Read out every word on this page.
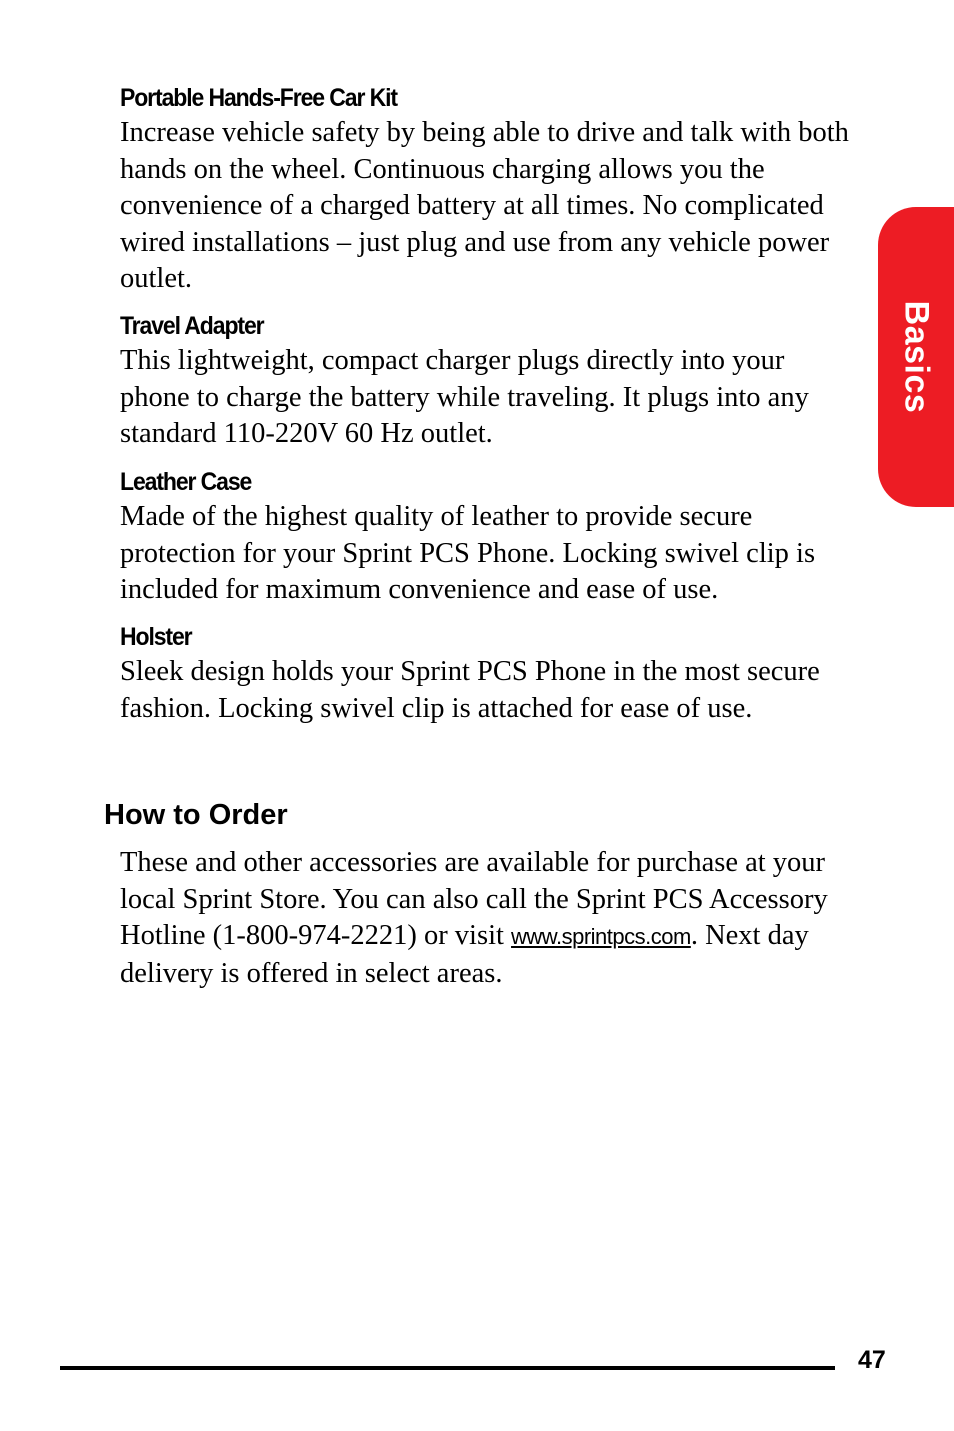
Portable Hands-Free Car Kit
Increase vehicle safety by being able to drive and talk with both hands on the wheel. Continuous charging allows you the convenience of a charged battery at all times. No complicated wired installations – just plug and use from any vehicle power outlet.
Travel Adapter
This lightweight, compact charger plugs directly into your phone to charge the battery while traveling. It plugs into any standard 110-220V 60 Hz outlet.
Leather Case
Made of the highest quality of leather to provide secure protection for your Sprint PCS Phone. Locking swivel clip is included for maximum convenience and ease of use.
Holster
Sleek design holds your Sprint PCS Phone in the most secure fashion. Locking swivel clip is attached for ease of use.
How to Order
These and other accessories are available for purchase at your local Sprint Store. You can also call the Sprint PCS Accessory Hotline (1-800-974-2221) or visit www.sprintpcs.com. Next day delivery is offered in select areas.
Basics
47
